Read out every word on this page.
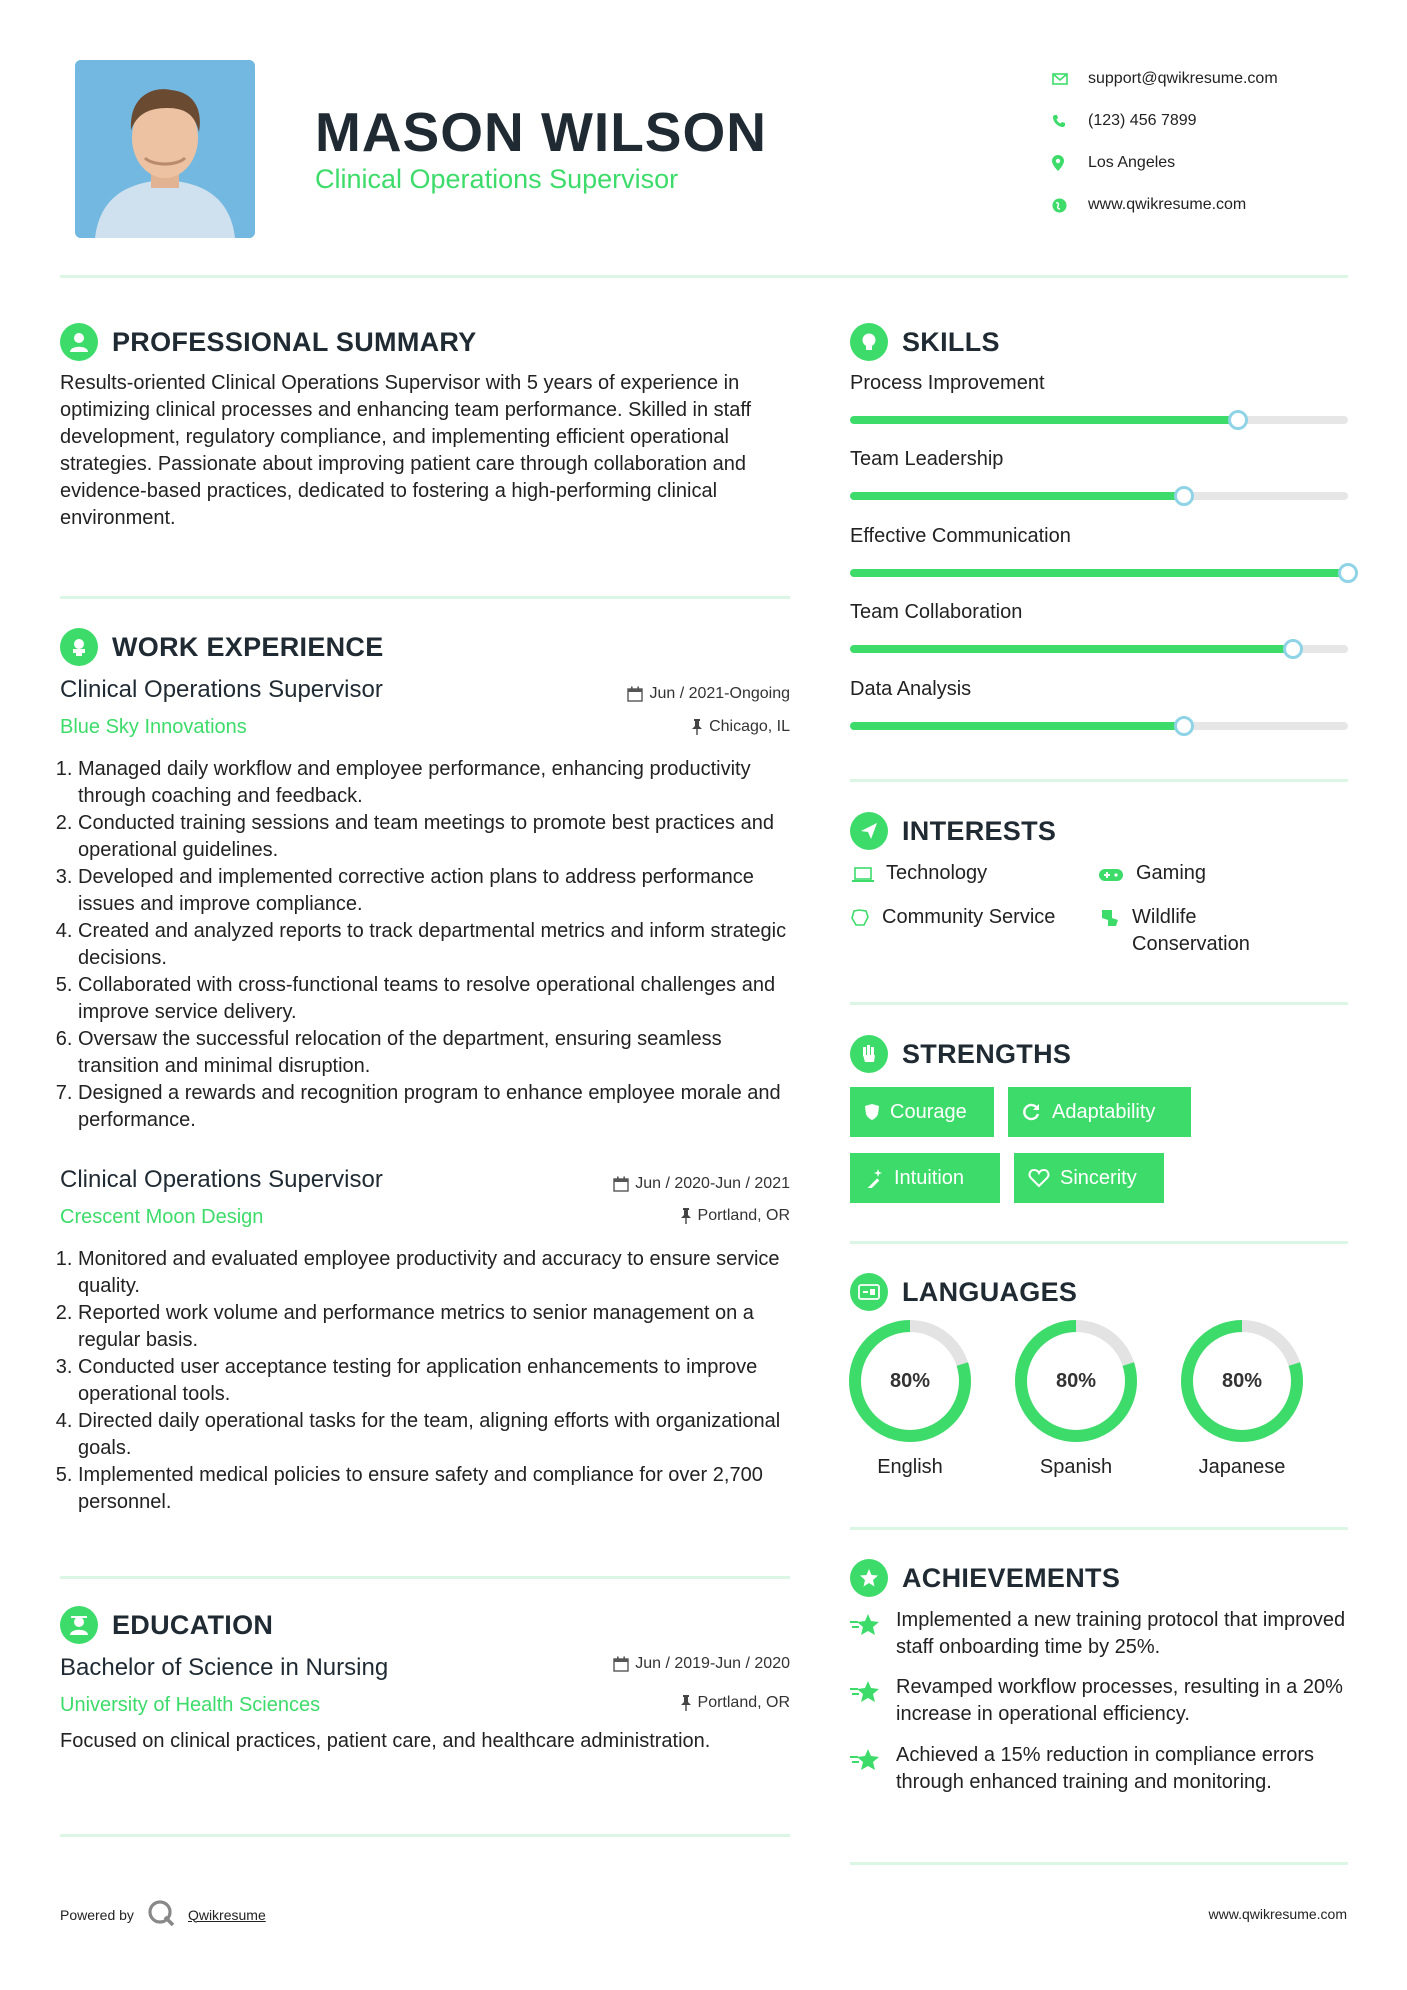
MASON WILSON
Clinical Operations Supervisor
support@qwikresume.com
(123) 456 7899
Los Angeles
www.qwikresume.com
PROFESSIONAL SUMMARY
Results-oriented Clinical Operations Supervisor with 5 years of experience in optimizing clinical processes and enhancing team performance. Skilled in staff development, regulatory compliance, and implementing efficient operational strategies. Passionate about improving patient care through collaboration and evidence-based practices, dedicated to fostering a high-performing clinical environment.
WORK EXPERIENCE
Clinical Operations Supervisor	Jun / 2021-Ongoing
Blue Sky Innovations	Chicago, IL
1. Managed daily workflow and employee performance, enhancing productivity through coaching and feedback.
2. Conducted training sessions and team meetings to promote best practices and operational guidelines.
3. Developed and implemented corrective action plans to address performance issues and improve compliance.
4. Created and analyzed reports to track departmental metrics and inform strategic decisions.
5. Collaborated with cross-functional teams to resolve operational challenges and improve service delivery.
6. Oversaw the successful relocation of the department, ensuring seamless transition and minimal disruption.
7. Designed a rewards and recognition program to enhance employee morale and performance.
Clinical Operations Supervisor	Jun / 2020-Jun / 2021
Crescent Moon Design	Portland, OR
1. Monitored and evaluated employee productivity and accuracy to ensure service quality.
2. Reported work volume and performance metrics to senior management on a regular basis.
3. Conducted user acceptance testing for application enhancements to improve operational tools.
4. Directed daily operational tasks for the team, aligning efforts with organizational goals.
5. Implemented medical policies to ensure safety and compliance for over 2,700 personnel.
EDUCATION
Bachelor of Science in Nursing	Jun / 2019-Jun / 2020
University of Health Sciences	Portland, OR
Focused on clinical practices, patient care, and healthcare administration.
SKILLS
Process Improvement
Team Leadership
Effective Communication
Team Collaboration
Data Analysis
INTERESTS
Technology	Gaming
Community Service	Wildlife Conservation
STRENGTHS
Courage	Adaptability
Intuition	Sincerity
LANGUAGES
80%
English
80%
Spanish
80%
Japanese
ACHIEVEMENTS
Implemented a new training protocol that improved staff onboarding time by 25%.
Revamped workflow processes, resulting in a 20% increase in operational efficiency.
Achieved a 15% reduction in compliance errors through enhanced training and monitoring.
Powered by	Qwikresume	www.qwikresume.com
